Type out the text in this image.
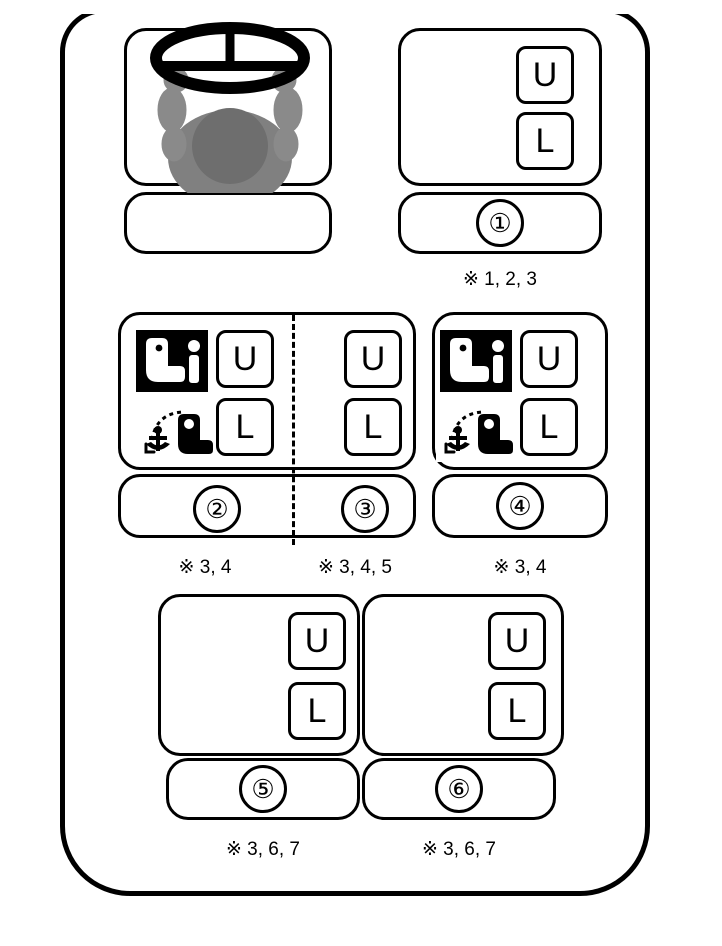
U
L
①
※ 1, 2, 3
U
L
U
L
U
L
②	③	④
※ 3, 4	※ 3, 4, 5	※ 3, 4
U
L
U
L
⑤	⑥
※ 3, 6, 7	※ 3, 6, 7
